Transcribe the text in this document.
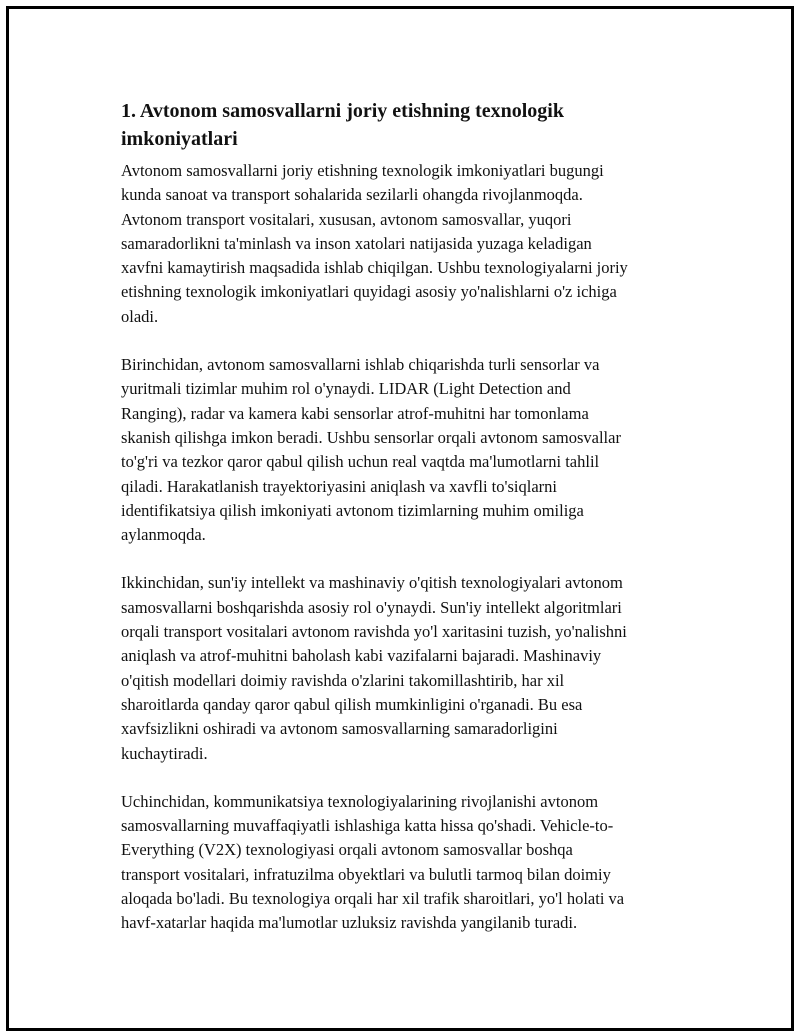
1. Avtonom samosvallarni joriy etishning texnologik
imkoniyatlari

Avtonom samosvallarni joriy etishning texnologik imkoniyatlari bugungi
kunda sanoat va transport sohalarida sezilarli ohangda rivojlanmoqda.
Avtonom transport vositalari, xususan, avtonom samosvallar, yuqori
samaradorlikni ta'minlash va inson xatolari natijasida yuzaga keladigan
xavfni kamaytirish maqsadida ishlab chiqilgan. Ushbu texnologiyalarni joriy
etishning texnologik imkoniyatlari quyidagi asosiy yo'nalishlarni o'z ichiga
oladi.

Birinchidan, avtonom samosvallarni ishlab chiqarishda turli sensorlar va
yuritmali tizimlar muhim rol o'ynaydi. LIDAR (Light Detection and
Ranging), radar va kamera kabi sensorlar atrof-muhitni har tomonlama
skanish qilishga imkon beradi. Ushbu sensorlar orqali avtonom samosvallar
to'g'ri va tezkor qaror qabul qilish uchun real vaqtda ma'lumotlarni tahlil
qiladi. Harakatlanish trayektoriyasini aniqlash va xavfli to'siqlarni
identifikatsiya qilish imkoniyati avtonom tizimlarning muhim omiliga
aylanmoqda.

Ikkinchidan, sun'iy intellekt va mashinaviy o'qitish texnologiyalari avtonom
samosvallarni boshqarishda asosiy rol o'ynaydi. Sun'iy intellekt algoritmlari
orqali transport vositalari avtonom ravishda yo'l xaritasini tuzish, yo'nalishni
aniqlash va atrof-muhitni baholash kabi vazifalarni bajaradi. Mashinaviy
o'qitish modellari doimiy ravishda o'zlarini takomillashtirib, har xil
sharoitlarda qanday qaror qabul qilish mumkinligini o'rganadi. Bu esa
xavfsizlikni oshiradi va avtonom samosvallarning samaradorligini
kuchaytiradi.

Uchinchidan, kommunikatsiya texnologiyalarining rivojlanishi avtonom
samosvallarning muvaffaqiyatli ishlashiga katta hissa qo'shadi. Vehicle-to-
Everything (V2X) texnologiyasi orqali avtonom samosvallar boshqa
transport vositalari, infratuzilma obyektlari va bulutli tarmoq bilan doimiy
aloqada bo'ladi. Bu texnologiya orqali har xil trafik sharoitlari, yo'l holati va
havf-xatarlar haqida ma'lumotlar uzluksiz ravishda yangilanib turadi.
